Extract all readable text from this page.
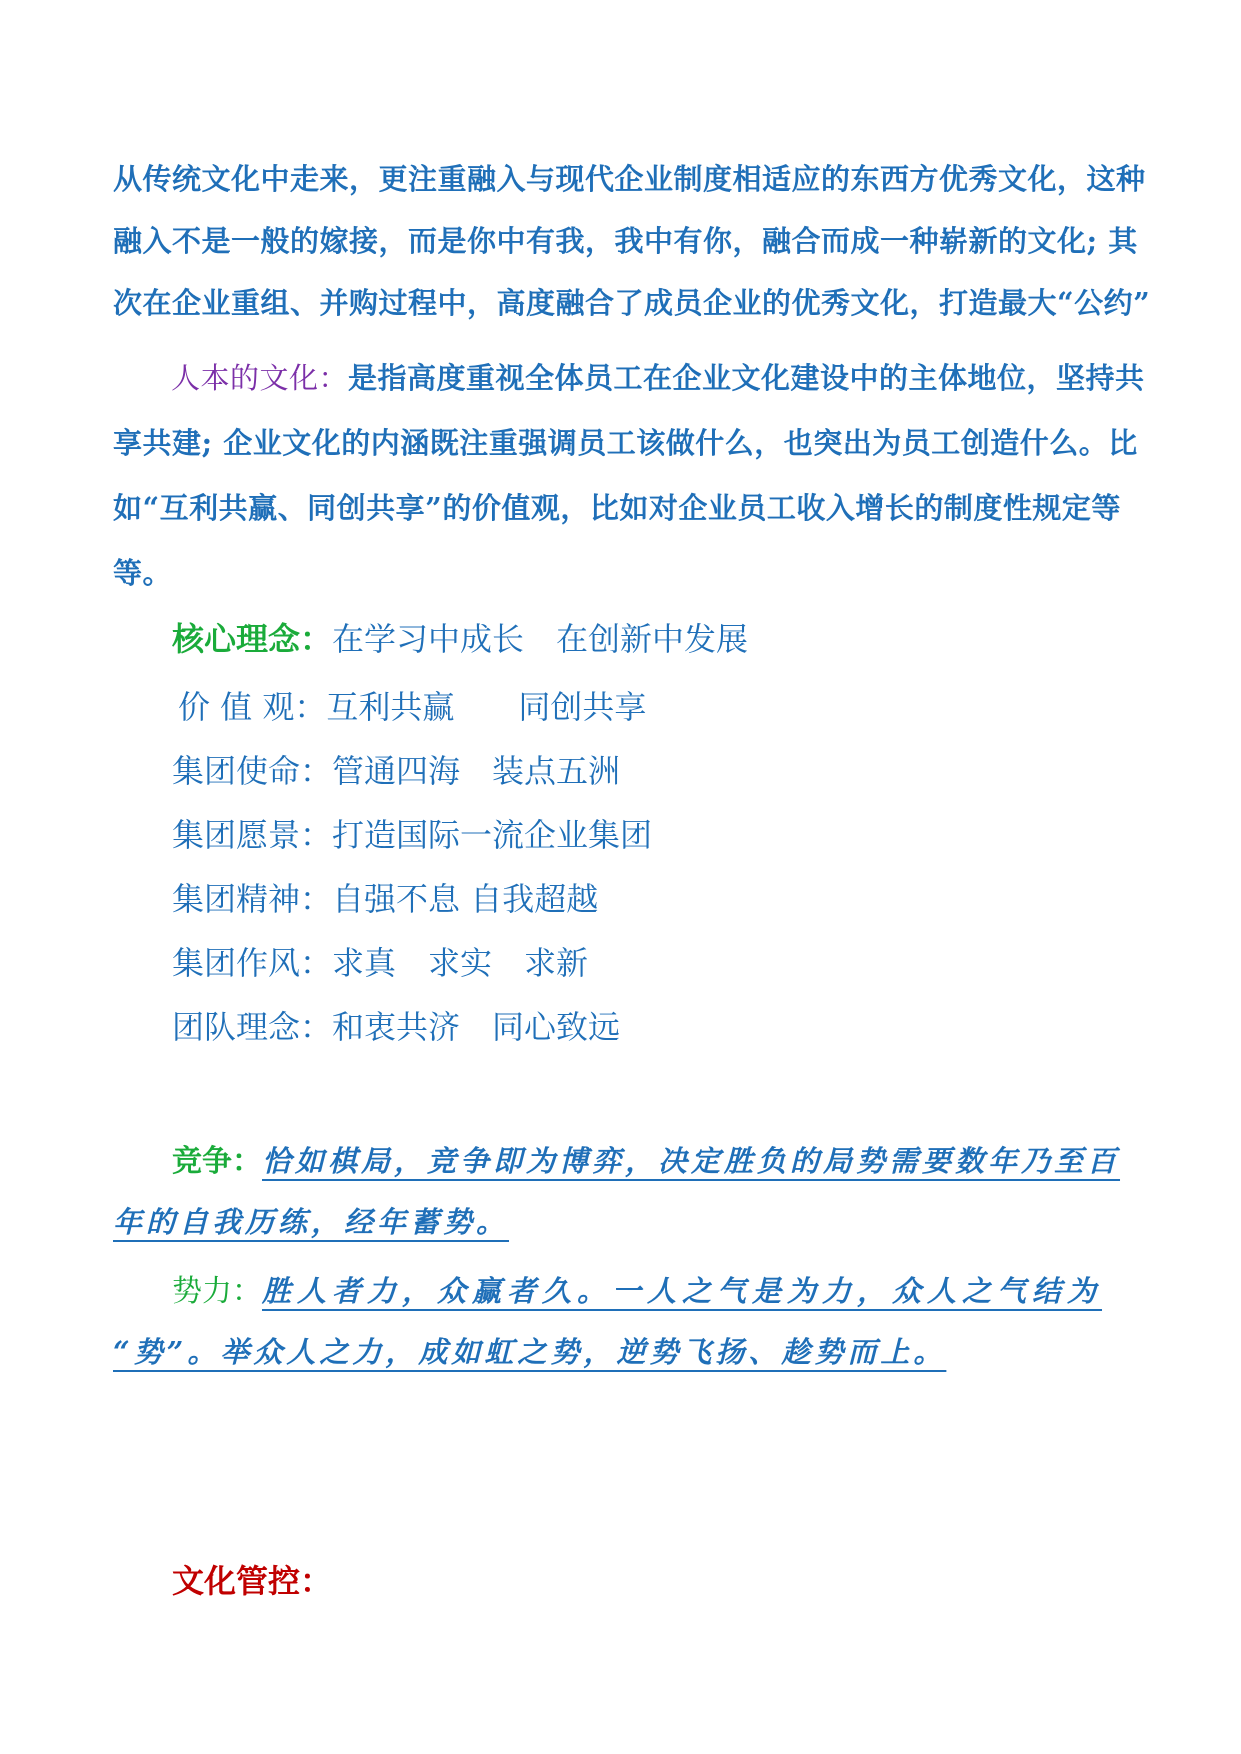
从传统文化中走来，更注重融入与现代企业制度相适应的东西方优秀文化，这种
融入不是一般的嫁接，而是你中有我，我中有你，融合而成一种崭新的文化; 其
次在企业重组、并购过程中，高度融合了成员企业的优秀文化，打造最大“公约”

人本的文化：是指高度重视全体员工在企业文化建设中的主体地位，坚持共
享共建; 企业文化的内涵既注重强调员工该做什么，也突出为员工创造什么。比
如“互利共赢、同创共享”的价值观，比如对企业员工收入增长的制度性规定等
等。

核心理念：在学习中成长　在创新中发展
价 值 观：互利共赢　　同创共享
集团使命：管通四海　装点五洲
集团愿景：打造国际一流企业集团
集团精神：自强不息 自我超越
集团作风：求真　求实　求新
团队理念：和衷共济　同心致远
竞争：恰如棋局，竞争即为博弈，决定胜负的局势需要数年乃至百
年的自我历练，经年蓄势。
势力：胜人者力，众赢者久。一人之气是为力，众人之气结为
“势”。举众人之力，成如虹之势，逆势飞扬、趁势而上。
文化管控：
